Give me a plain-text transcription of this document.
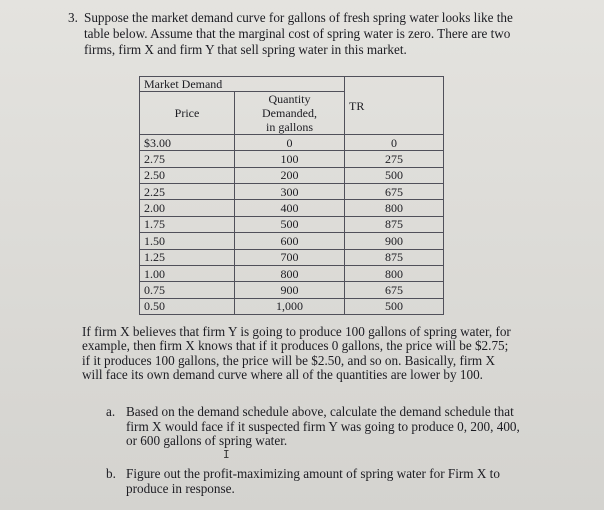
3. Suppose the market demand curve for gallons of fresh spring water looks like the
table below. Assume that the marginal cost of spring water is zero. There are two
firms, firm X and firm Y that sell spring water in this market.
Market Demand		TR
Price	Quantity
Demanded,
in gallons	

$3.00	0	0
2.75	100	275
2.50	200	500
2.25	300	675
2.00	400	800
1.75	500	875
1.50	600	900
1.25	700	875
1.00	800	800
0.75	900	675
0.50	1,000	500
If firm X believes that firm Y is going to produce 100 gallons of spring water, for
example, then firm X knows that if it produces 0 gallons, the price will be $2.75;
if it produces 100 gallons, the price will be $2.50, and so on. Basically, firm X
will face its own demand curve where all of the quantities are lower by 100.
a. Based on the demand schedule above, calculate the demand schedule that
firm X would face if it suspected firm Y was going to produce 0, 200, 400,
or 600 gallons of spring water.
I
b. Figure out the profit-maximizing amount of spring water for Firm X to
produce in response.
